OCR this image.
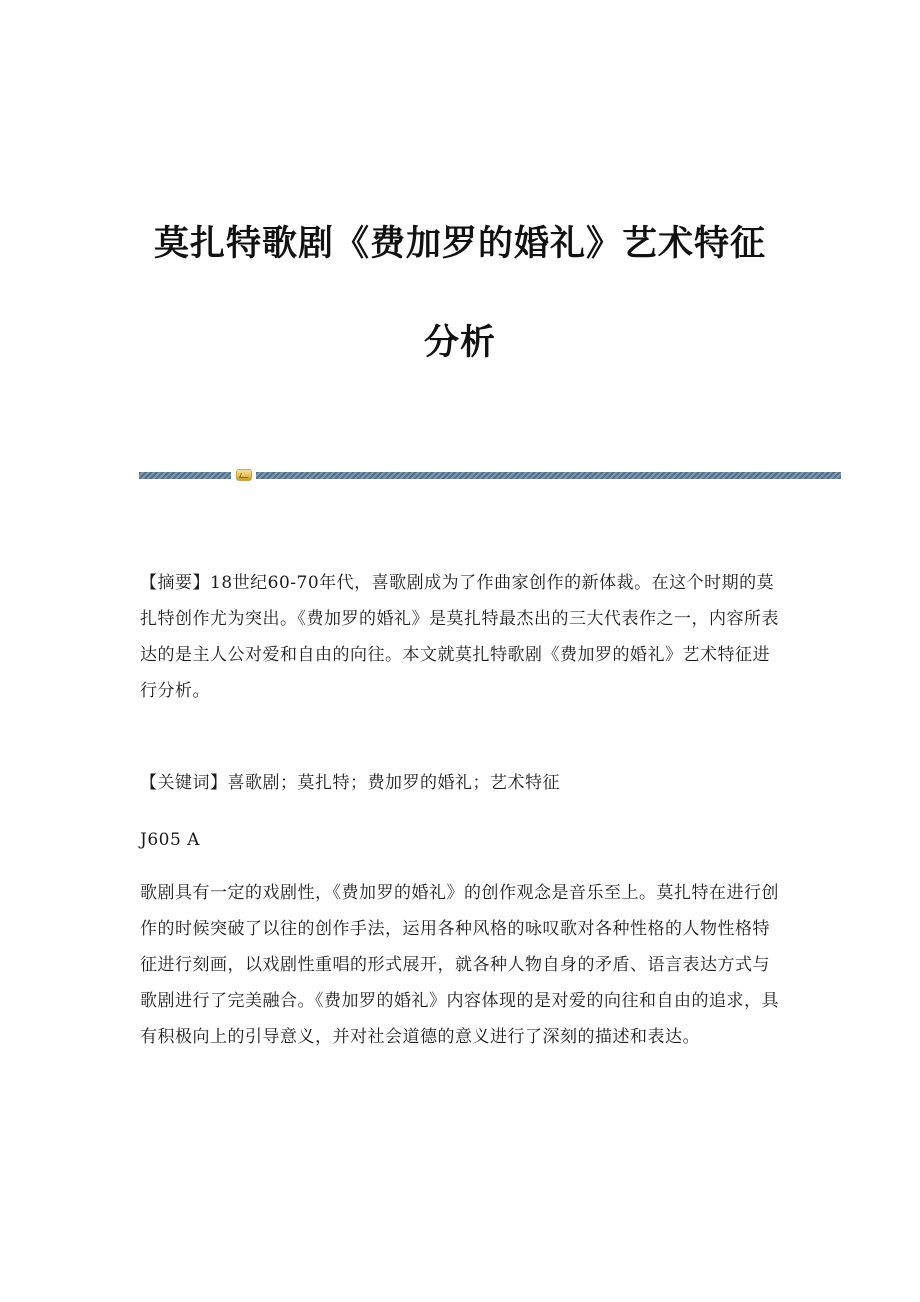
莫扎特歌剧《费加罗的婚礼》艺术特征
分析

【摘要】18世纪60-70年代，喜歌剧成为了作曲家创作的新体裁。在这个时期的莫扎特创作尤为突出。《费加罗的婚礼》是莫扎特最杰出的三大代表作之一，内容所表达的是主人公对爱和自由的向往。本文就莫扎特歌剧《费加罗的婚礼》艺术特征进行分析。

【关键词】喜歌剧；莫扎特；费加罗的婚礼；艺术特征

J605 A

歌剧具有一定的戏剧性，《费加罗的婚礼》的创作观念是音乐至上。莫扎特在进行创作的时候突破了以往的创作手法，运用各种风格的咏叹歌对各种性格的人物性格特征进行刻画，以戏剧性重唱的形式展开，就各种人物自身的矛盾、语言表达方式与歌剧进行了完美融合。《费加罗的婚礼》内容体现的是对爱的向往和自由的追求，具有积极向上的引导意义，并对社会道德的意义进行了深刻的描述和表达。
